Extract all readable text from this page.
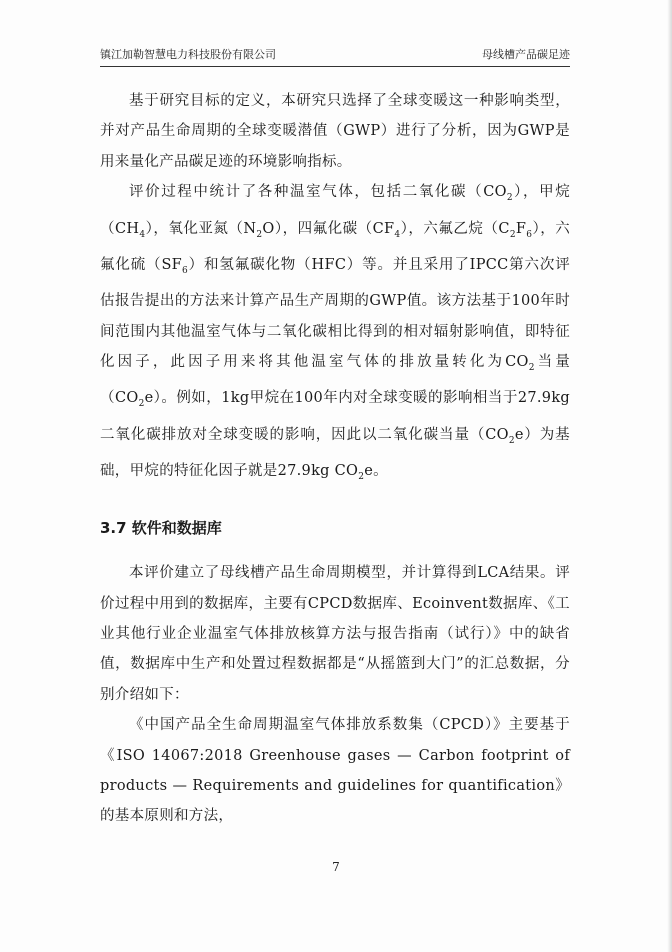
镇江加勒智慧电力科技股份有限公司	母线槽产品碳足迹

基于研究目标的定义，本研究只选择了全球变暖这一种影响类型，并对产品生命周期的全球变暖潜值（GWP）进行了分析，因为GWP是用来量化产品碳足迹的环境影响指标。

评价过程中统计了各种温室气体，包括二氧化碳$(CO_2)$，甲烷$(CH_4)$，氧化亚氮$(N_2O)$，四氟化碳$(CF_4)$，六氟乙烷$(C_2F_6)$，六氟化硫$(SF_6)$和氢氟碳化物（HFC）等。并且采用了IPCC第六次评估报告提出的方法来计算产品生产周期的GWP值。该方法基于100年时间范围内其他温室气体与二氧化碳相比得到的相对辐射影响值，即特征化因子，此因子用来将其他温室气体的排放量转化为$CO_2$当量$(CO_2e)$。例如，1kg甲烷在100年内对全球变暖的影响相当于27.9kg二氧化碳排放对全球变暖的影响，因此以二氧化碳当量$(CO_2e)$为基础，甲烷的特征化因子就是27.9kg $CO_2e$。

3.7 软件和数据库

本评价建立了母线槽产品生命周期模型，并计算得到LCA结果。评价过程中用到的数据库，主要有CPCD数据库、Ecoinvent数据库、《工业其他行业企业温室气体排放核算方法与报告指南（试行）》中的缺省值，数据库中生产和处置过程数据都是“从摇篮到大门”的汇总数据，分别介绍如下：

《中国产品全生命周期温室气体排放系数集（CPCD）》主要基于《ISO 14067:2018 Greenhouse gases — Carbon footprint of products — Requirements and guidelines for quantification》的基本原则和方法，

7
